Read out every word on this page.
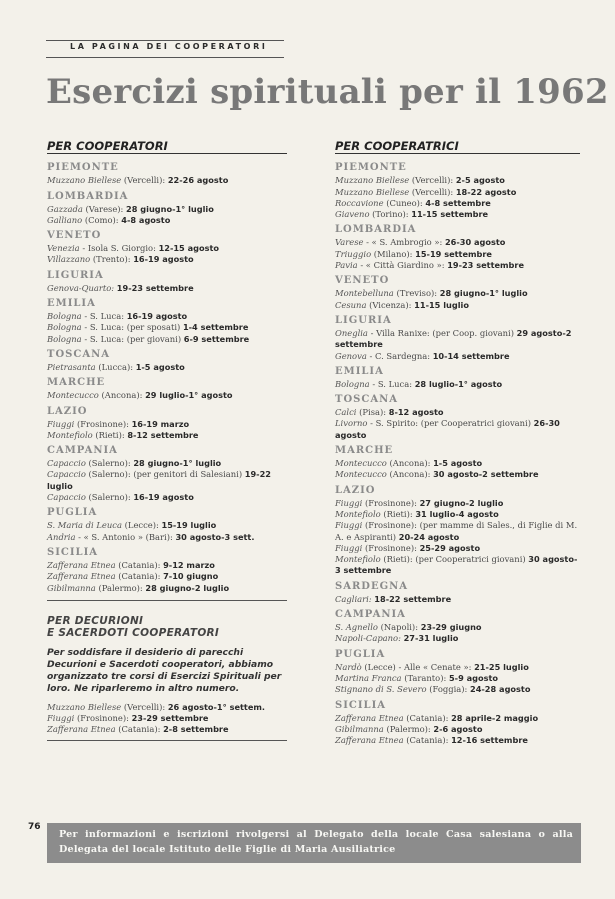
LA PAGINA DEI COOPERATORI
Esercizi spirituali per il 1962
PER COOPERATORI
PIEMONTE
Muzzano Biellese (Vercelli): 22-26 agosto
LOMBARDIA
Gazzada (Varese): 28 giugno-1° luglio
Galliano (Como): 4-8 agosto
VENETO
Venezia - Isola S. Giorgio: 12-15 agosto
Villazzano (Trento): 16-19 agosto
LIGURIA
Genova-Quarto: 19-23 settembre
EMILIA
Bologna - S. Luca: 16-19 agosto
Bologna - S. Luca: (per sposati) 1-4 settembre
Bologna - S. Luca: (per giovani) 6-9 settembre
TOSCANA
Pietrasanta (Lucca): 1-5 agosto
MARCHE
Montecucco (Ancona): 29 luglio-1° agosto
LAZIO
Fiuggi (Frosinone): 16-19 marzo
Montefiolo (Rieti): 8-12 settembre
CAMPANIA
Capaccio (Salerno): 28 giugno-1° luglio
Capaccio (Salerno): (per genitori di Salesiani) 19-22 luglio
Capaccio (Salerno): 16-19 agosto
PUGLIA
S. Maria di Leuca (Lecce): 15-19 luglio
Andria - « S. Antonio » (Bari): 30 agosto-3 sett.
SICILIA
Zafferana Etnea (Catania): 9-12 marzo
Zafferana Etnea (Catania): 7-10 giugno
Gibilmanna (Palermo): 28 giugno-2 luglio
PER DECURIONI
E SACERDOTI COOPERATORI
Per soddisfare il desiderio di parecchi Decurioni e Sacerdoti cooperatori, abbiamo organizzato tre corsi di Esercizi Spirituali per loro. Ne riparleremo in altro numero.
Muzzano Biellese (Vercelli): 26 agosto-1° settem.
Fiuggi (Frosinone): 23-29 settembre
Zafferana Etnea (Catania): 2-8 settembre
PER COOPERATRICI
PIEMONTE
Muzzano Biellese (Vercelli): 2-5 agosto
Muzzano Biellese (Vercelli): 18-22 agosto
Roccavione (Cuneo): 4-8 settembre
Giaveno (Torino): 11-15 settembre
LOMBARDIA
Varese - « S. Ambrogio »: 26-30 agosto
Triuggio (Milano): 15-19 settembre
Pavia - « Città Giardino »: 19-23 settembre
VENETO
Montebelluna (Treviso): 28 giugno-1° luglio
Cesuna (Vicenza): 11-15 luglio
LIGURIA
Oneglia - Villa Ranixe: (per Coop. giovani) 29 agosto-2 settembre
Genova - C. Sardegna: 10-14 settembre
EMILIA
Bologna - S. Luca: 28 luglio-1° agosto
TOSCANA
Calci (Pisa): 8-12 agosto
Livorno - S. Spirito: (per Cooperatrici giovani) 26-30 agosto
MARCHE
Montecucco (Ancona): 1-5 agosto
Montecucco (Ancona): 30 agosto-2 settembre
LAZIO
Fiuggi (Frosinone): 27 giugno-2 luglio
Montefiolo (Rieti): 31 luglio-4 agosto
Fiuggi (Frosinone): (per mamme di Sales., di Figlie di M. A. e Aspiranti) 20-24 agosto
Fiuggi (Frosinone): 25-29 agosto
Montefiolo (Rieti): (per Cooperatrici giovani) 30 agosto-3 settembre
SARDEGNA
Cagliari: 18-22 settembre
CAMPANIA
S. Agnello (Napoli): 23-29 giugno
Napoli-Capano: 27-31 luglio
PUGLIA
Nardò (Lecce) - Alle « Cenate »: 21-25 luglio
Martina Franca (Taranto): 5-9 agosto
Stignano di S. Severo (Foggia): 24-28 agosto
SICILIA
Zafferana Etnea (Catania): 28 aprile-2 maggio
Gibilmanna (Palermo): 2-6 agosto
Zafferana Etnea (Catania): 12-16 settembre
76
Per informazioni e iscrizioni rivolgersi al Delegato della locale Casa salesiana o alla Delegata del locale Istituto delle Figlie di Maria Ausiliatrice
